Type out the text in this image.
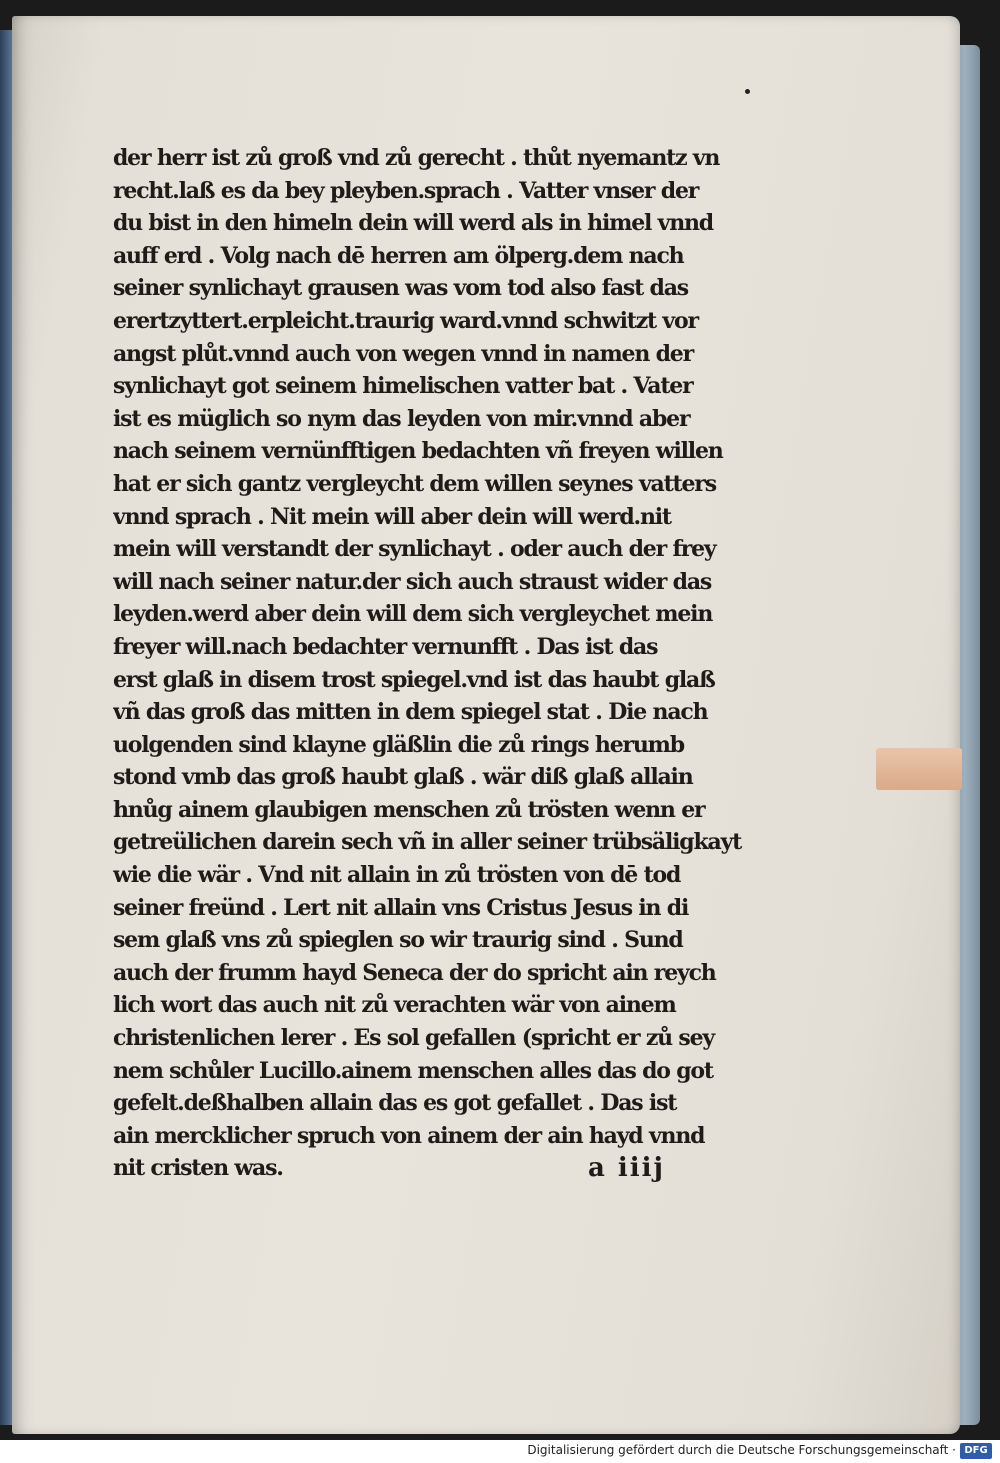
der herr ist zů groß vnd zů gerecht . thůt nyemantz vn
recht.laß es da bey pleyben.sprach . Vatter vnser der
du bist in den himeln dein will werd als in himel vnnd
auff erd . Volg nach dē herren am ölperg.dem nach
seiner synlichayt grausen was vom tod also fast das
erertzyttert.erpleicht.traurig ward.vnnd schwitzt vor
angst plůt.vnnd auch von wegen vnnd in namen der
synlichayt got seinem himelischen vatter bat . Vater
ist es müglich so nym das leyden von mir.vnnd aber
nach seinem vernünfftigen bedachten vñ freyen willen
hat er sich gantz vergleycht dem willen seynes vatters
vnnd sprach . Nit mein will aber dein will werd.nit
mein will verstandt der synlichayt . oder auch der frey
will nach seiner natur.der sich auch straust wider das
leyden.werd aber dein will dem sich vergleychet mein
freyer will.nach bedachter vernunfft . Das ist das
erst glaß in disem trost spiegel.vnd ist das haubt glaß
vñ das groß das mitten in dem spiegel stat . Die nach
uolgenden sind klayne gläßlin die zů rings herumb
stond vmb das groß haubt glaß . wär diß glaß allain
hnůg ainem glaubigen menschen zů trösten wenn er
getreülichen darein sech vñ in aller seiner trübsäligkayt
wie die wär . Vnd nit allain in zů trösten von dē tod
seiner freünd . Lert nit allain vns Cristus Jesus in di
sem glaß vns zů spieglen so wir traurig sind . Sund
auch der frumm hayd Seneca der do spricht ain reych
lich wort das auch nit zů verachten wär von ainem
christenlichen lerer . Es sol gefallen (spricht er zů sey
nem schůler Lucillo.ainem menschen alles das do got
gefelt.deßhalben allain das es got gefallet . Das ist
ain mercklicher spruch von ainem der ain hayd vnnd
nit cristen was.	a iiij
Digitalisierung gefördert durch die Deutsche Forschungsgemeinschaft · DFG
